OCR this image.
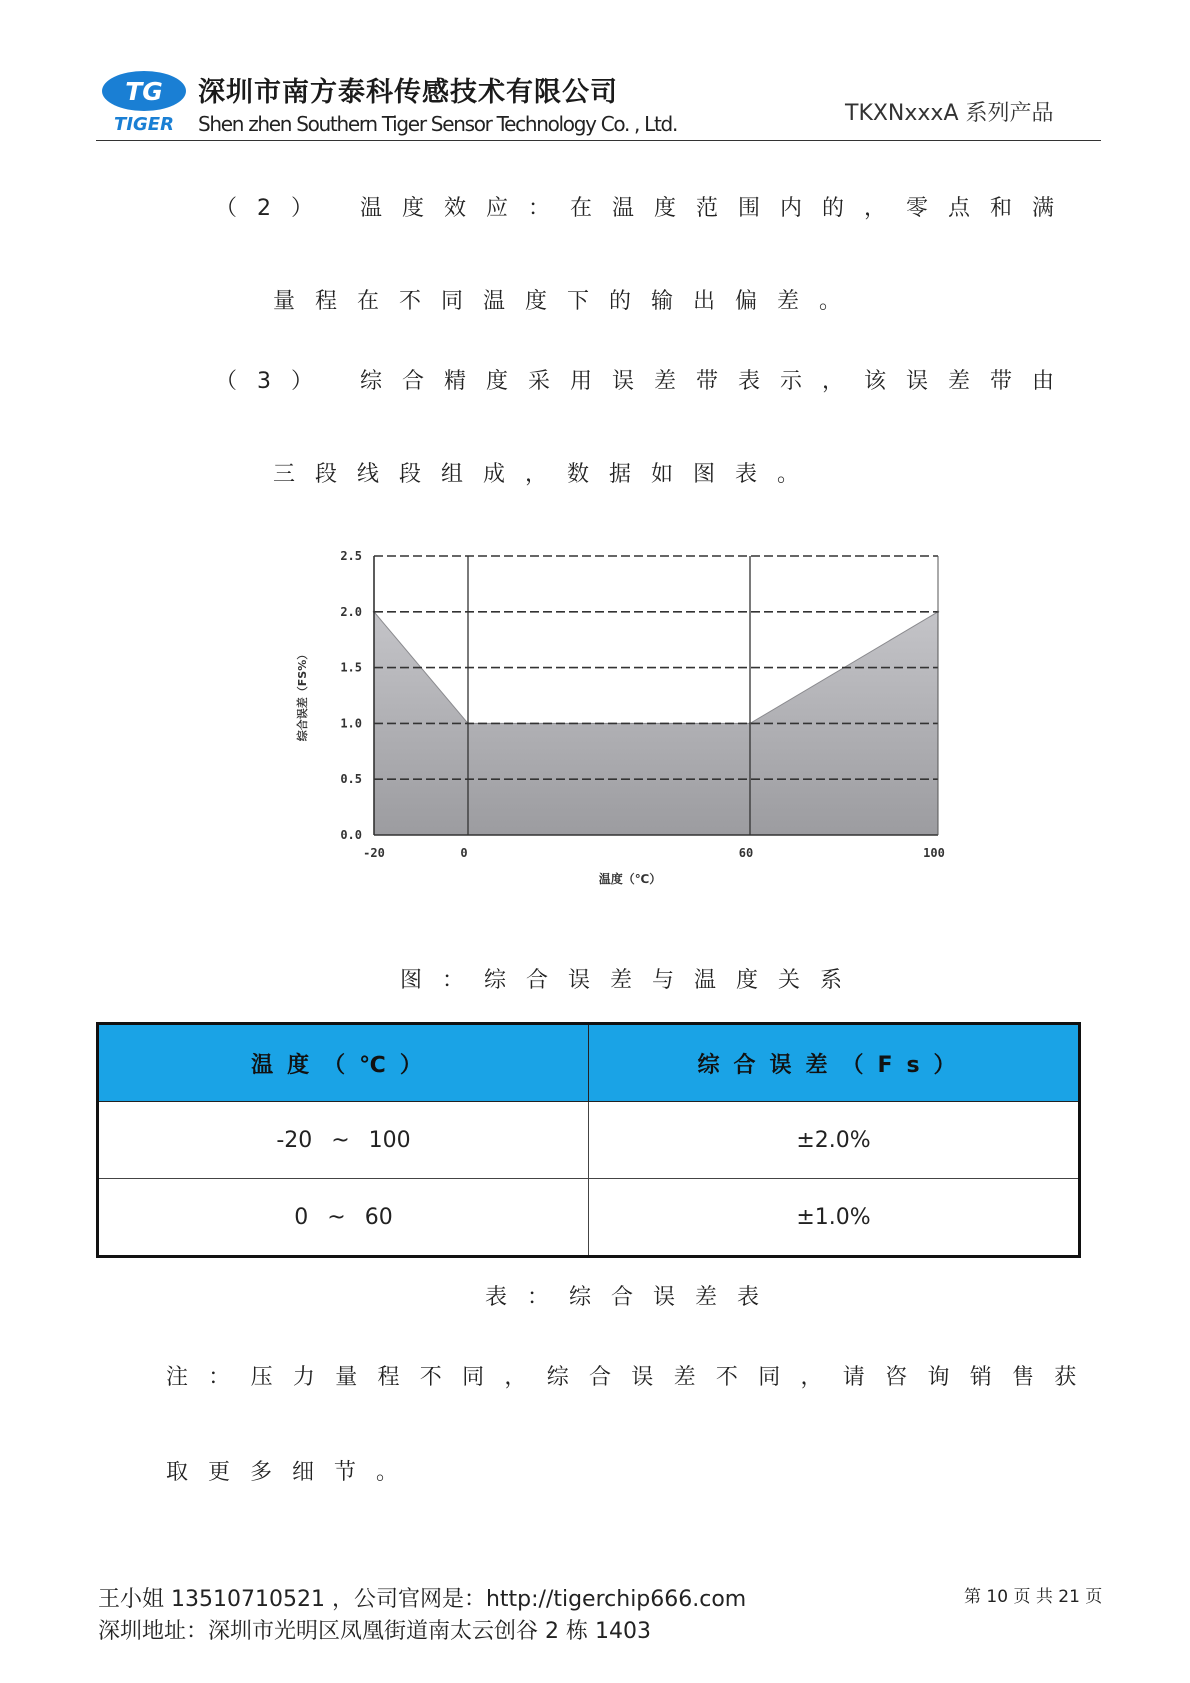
TG
TIGER
深圳市南方泰科传感技术有限公司
Shen zhen Southern Tiger Sensor Technology Co. , Ltd.	TKXNxxxA 系列产品
（2） 温度效应：在温度范围内的，零点和满
量程在不同温度下的输出偏差。
（3） 综合精度采用误差带表示，该误差带由
三段线段组成，数据如图表。
0.0
0.5
1.0
1.5
2.0
2.5
-20	0	60	100
温度（℃）
综合误差（FS%）
图：综合误差与温度关系
温度（℃）	综合误差（Fs）
-20 ~ 100	±2.0%
0 ~ 60	±1.0%
表：综合误差表
注：压力量程不同，综合误差不同，请咨询销售获
取更多细节。
王小姐 13510710521 ，公司官网是：http://tigerchip666.com
深圳地址：深圳市光明区凤凰街道南太云创谷 2 栋 1403
第 10 页 共 21 页
